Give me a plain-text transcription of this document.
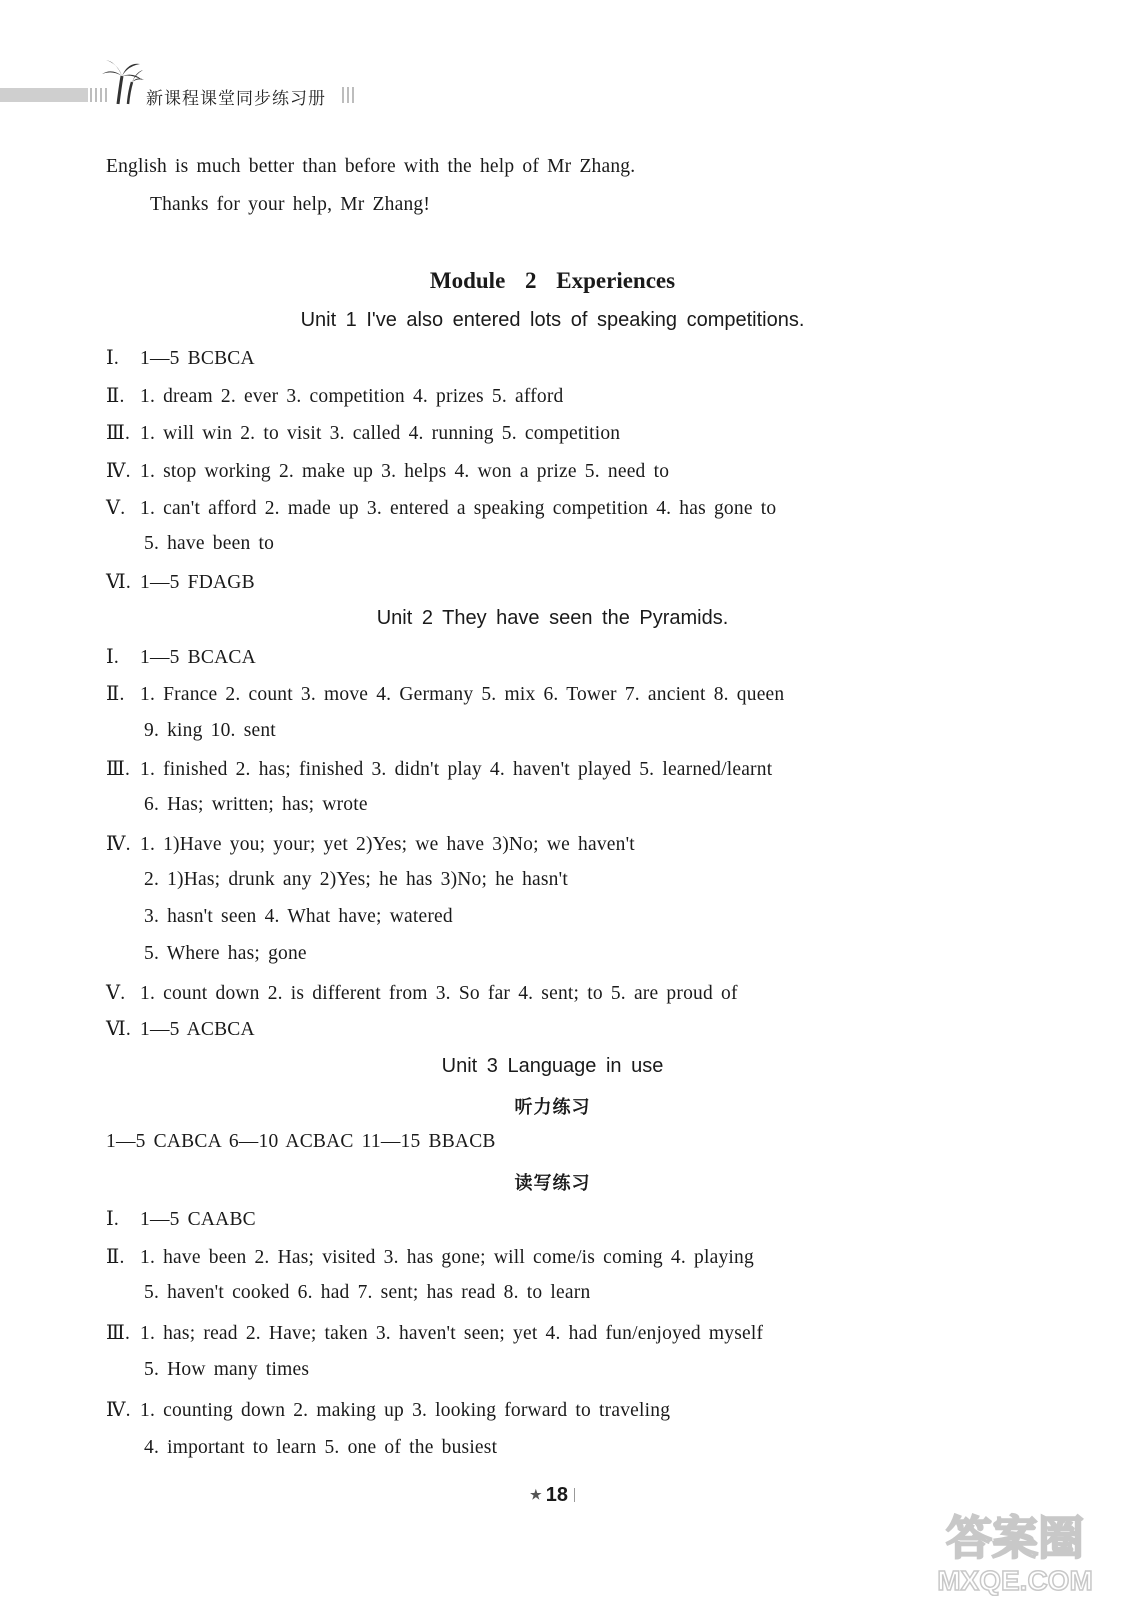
新课程课堂同步练习册
English is much better than before with the help of Mr Zhang.
Thanks for your help, Mr Zhang!
Module 2 Experiences
Unit 1 I've also entered lots of speaking competitions.
Ⅰ. 1—5 BCBCA
Ⅱ. 1. dream 2. ever 3. competition 4. prizes 5. afford
Ⅲ. 1. will win 2. to visit 3. called 4. running 5. competition
Ⅳ. 1. stop working 2. make up 3. helps 4. won a prize 5. need to
Ⅴ. 1. can't afford 2. made up 3. entered a speaking competition 4. has gone to
5. have been to
Ⅵ. 1—5 FDAGB
Unit 2 They have seen the Pyramids.
Ⅰ. 1—5 BCACA
Ⅱ. 1. France 2. count 3. move 4. Germany 5. mix 6. Tower 7. ancient 8. queen
9. king 10. sent
Ⅲ. 1. finished 2. has; finished 3. didn't play 4. haven't played 5. learned/learnt
6. Has; written; has; wrote
Ⅳ. 1. 1)Have you; your; yet 2)Yes; we have 3)No; we haven't
2. 1)Has; drunk any 2)Yes; he has 3)No; he hasn't
3. hasn't seen 4. What have; watered
5. Where has; gone
Ⅴ. 1. count down 2. is different from 3. So far 4. sent; to 5. are proud of
Ⅵ. 1—5 ACBCA
Unit 3 Language in use
听力练习
1—5 CABCA 6—10 ACBAC 11—15 BBACB
读写练习
Ⅰ. 1—5 CAABC
Ⅱ. 1. have been 2. Has; visited 3. has gone; will come/is coming 4. playing
5. haven't cooked 6. had 7. sent; has read 8. to learn
Ⅲ. 1. has; read 2. Have; taken 3. haven't seen; yet 4. had fun/enjoyed myself
5. How many times
Ⅳ. 1. counting down 2. making up 3. looking forward to traveling
4. important to learn 5. one of the busiest
★ 18
答案圈
MXQE.COM
